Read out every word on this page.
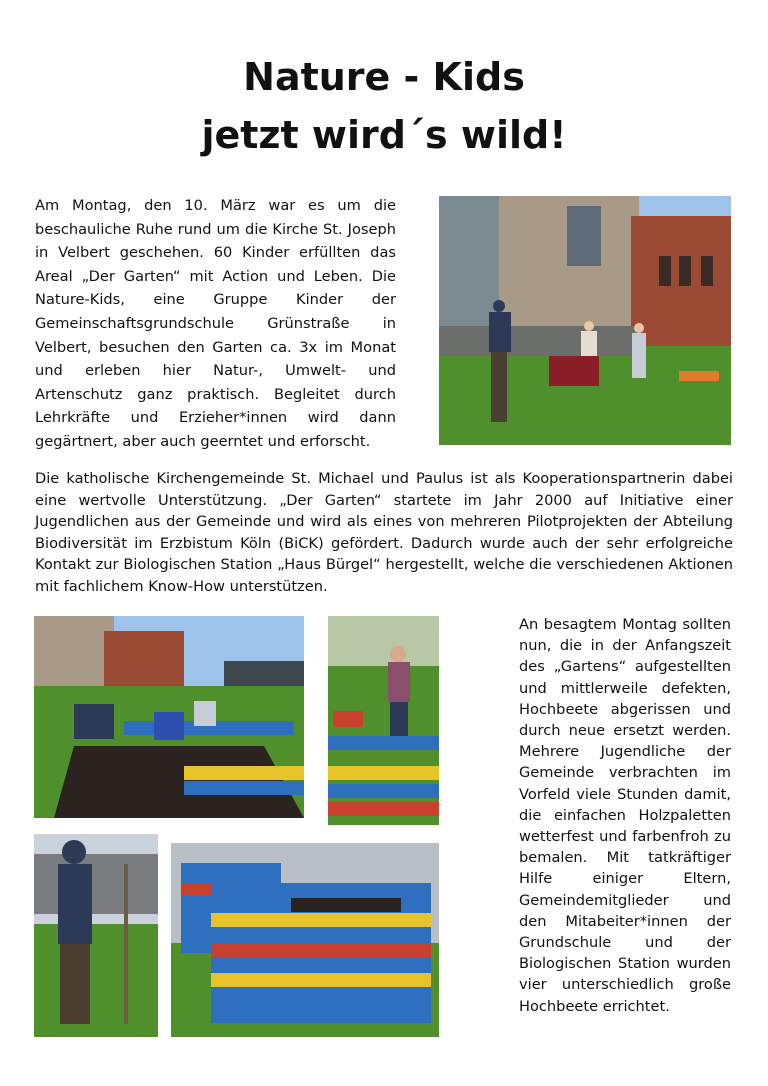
Nature - Kids
jetzt wird´s wild!

Am Montag, den 10. März war es um die beschauliche Ruhe rund um die Kirche St. Joseph in Velbert geschehen. 60 Kinder erfüllten das Areal „Der Garten“ mit Action und Leben. Die Nature-Kids, eine Gruppe Kinder der Gemeinschaftsgrundschule Grünstraße in Velbert, besuchen den Garten ca. 3x im Monat und erleben hier Natur-, Umwelt- und Artenschutz ganz praktisch. Begleitet durch Lehrkräfte und Erzieher*innen wird dann gegärtnert, aber auch geerntet und erforscht.

Die katholische Kirchengemeinde St. Michael und Paulus ist als Kooperationspartnerin dabei eine wertvolle Unterstützung. „Der Garten“ startete im Jahr 2000 auf Initiative einer Jugendlichen aus der Gemeinde und wird als eines von mehreren Pilotprojekten der Abteilung Biodiversität im Erzbistum Köln (BiCK) gefördert. Dadurch wurde auch der sehr erfolgreiche Kontakt zur Biologischen Station „Haus Bürgel“ hergestellt, welche die verschiedenen Aktionen mit fachlichem Know-How unterstützen.

An besagtem Montag sollten nun, die in der Anfangszeit des „Gartens“ aufgestellten und mittlerweile defekten, Hochbeete abgerissen und durch neue ersetzt werden. Mehrere Jugendliche der Gemeinde verbrachten im Vorfeld viele Stunden damit, die einfachen Holzpaletten wetterfest und farbenfroh zu bemalen. Mit tatkräftiger Hilfe einiger Eltern, Gemeindemitglieder und den Mitabeiter*innen der Grundschule und der Biologischen Station wurden vier unterschiedlich große Hochbeete errichtet.
